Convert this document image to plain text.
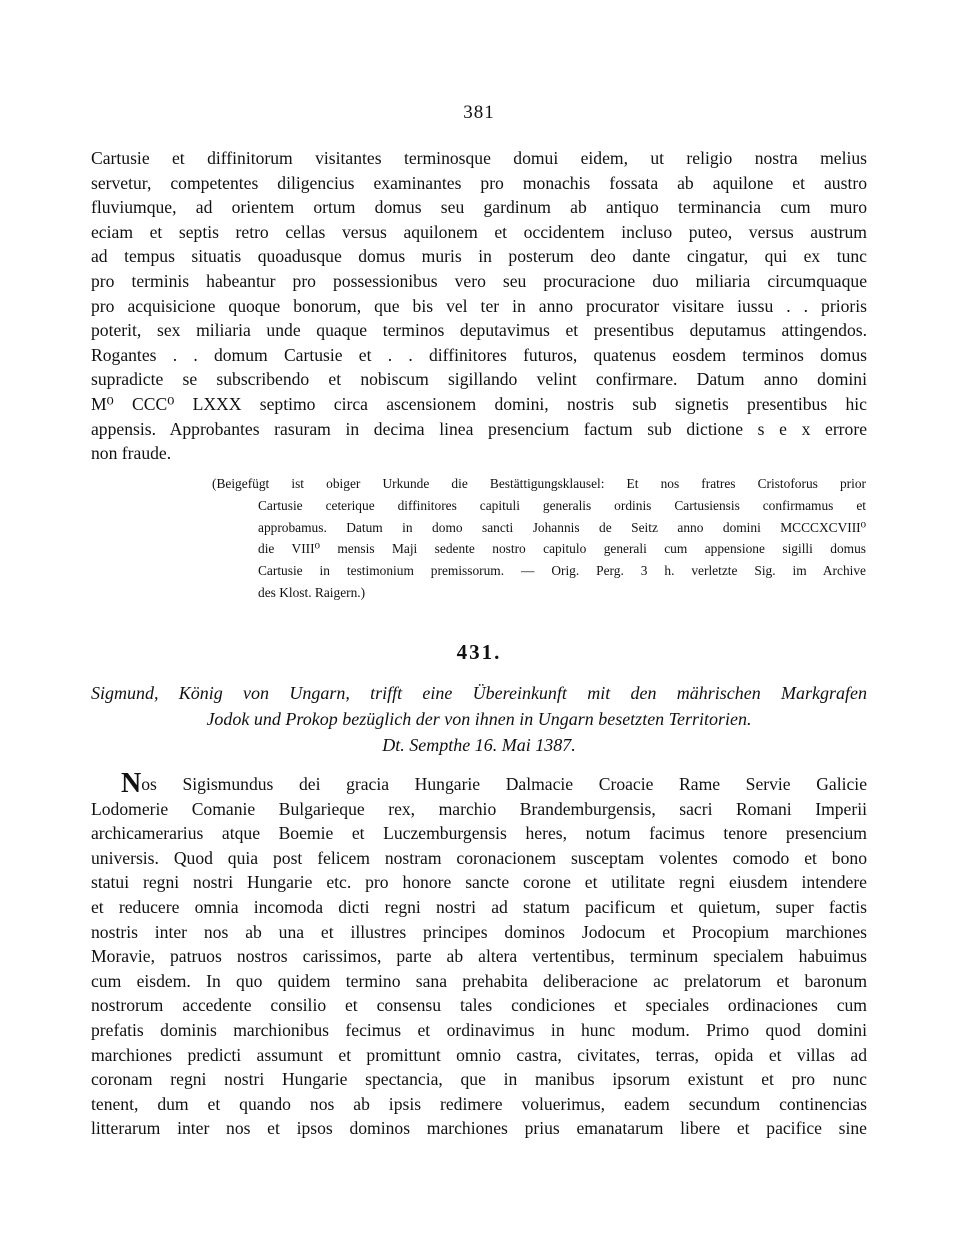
381
Cartusie et diffinitorum visitantes terminosque domui eidem, ut religio nostra melius
servetur, competentes diligencius examinantes pro monachis fossata ab aquilone et austro
fluviumque, ad orientem ortum domus seu gardinum ab antiquo terminancia cum muro
eciam et septis retro cellas versus aquilonem et occidentem incluso puteo, versus austrum
ad tempus situatis quoadusque domus muris in posterum deo dante cingatur, qui ex tunc
pro terminis habeantur pro possessionibus vero seu procuracione duo miliaria circumquaque
pro acquisicione quoque bonorum, que bis vel ter in anno procurator visitare iussu . . prioris
poterit, sex miliaria unde quaque terminos deputavimus et presentibus deputamus attingendos.
Rogantes . . domum Cartusie et . . diffinitores futuros, quatenus eosdem terminos domus
supradicte se subscribendo et nobiscum sigillando velint confirmare. Datum anno domini
M⁰ CCC⁰ LXXX septimo circa ascensionem domini, nostris sub signetis presentibus hic
appensis. Approbantes rasuram in decima linea presencium factum sub dictione s e x errore
non fraude.
(Beigefügt ist obiger Urkunde die Bestättigungsklausel: Et nos fratres Cristoforus prior
Cartusie ceterique diffinitores capituli generalis ordinis Cartusiensis confirmamus et
approbamus. Datum in domo sancti Johannis de Seitz anno domini MCCCXCVIII⁰
die VIII⁰ mensis Maji sedente nostro capitulo generali cum appensione sigilli domus
Cartusie in testimonium premissorum. — Orig. Perg. 3 h. verletzte Sig. im Archive
des Klost. Raigern.)
431.
Sigmund, König von Ungarn, trifft eine Übereinkunft mit den mährischen Markgrafen
Jodok und Prokop bezüglich der von ihnen in Ungarn besetzten Territorien.
Dt. Sempthe 16. Mai 1387.
Nos Sigismundus dei gracia Hungarie Dalmacie Croacie Rame Servie Galicie
Lodomerie Comanie Bulgarieque rex, marchio Brandemburgensis, sacri Romani Imperii
archicamerarius atque Boemie et Luczemburgensis heres, notum facimus tenore presencium
universis. Quod quia post felicem nostram coronacionem susceptam volentes comodo et bono
statui regni nostri Hungarie etc. pro honore sancte corone et utilitate regni eiusdem intendere
et reducere omnia incomoda dicti regni nostri ad statum pacificum et quietum, super factis
nostris inter nos ab una et illustres principes dominos Jodocum et Procopium marchiones
Moravie, patruos nostros carissimos, parte ab altera vertentibus, terminum specialem habuimus
cum eisdem. In quo quidem termino sana prehabita deliberacione ac prelatorum et baronum
nostrorum accedente consilio et consensu tales condiciones et speciales ordinaciones cum
prefatis dominis marchionibus fecimus et ordinavimus in hunc modum. Primo quod domini
marchiones predicti assumunt et promittunt omnio castra, civitates, terras, opida et villas ad
coronam regni nostri Hungarie spectancia, que in manibus ipsorum existunt et pro nunc
tenent, dum et quando nos ab ipsis redimere voluerimus, eadem secundum continencias
litterarum inter nos et ipsos dominos marchiones prius emanatarum libere et pacifice sine
